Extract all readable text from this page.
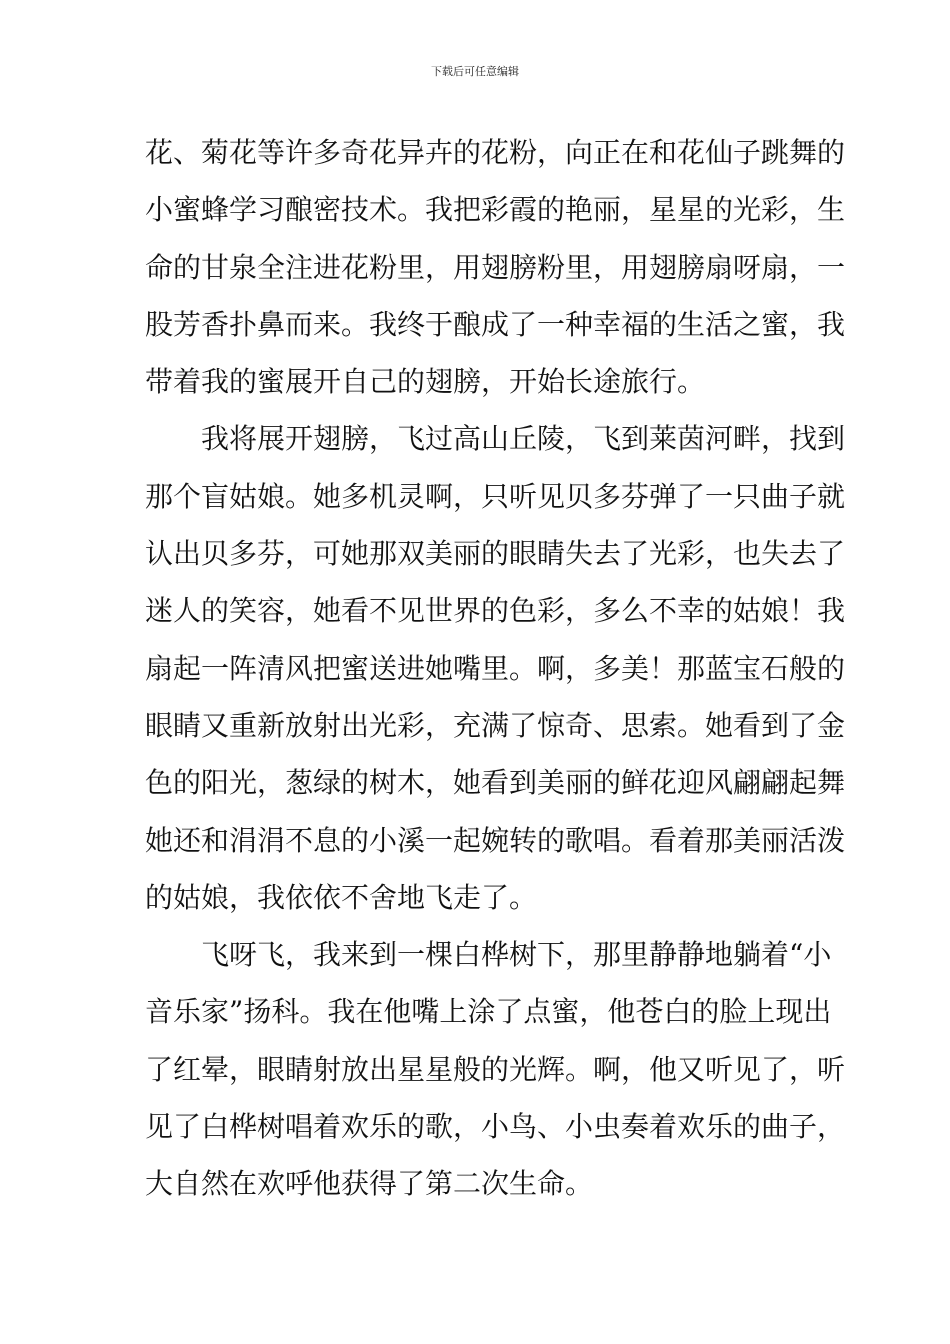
下载后可任意编辑
花、菊花等许多奇花异卉的花粉，向正在和花仙子跳舞的
小蜜蜂学习酿密技术。我把彩霞的艳丽，星星的光彩，生
命的甘泉全注进花粉里，用翅膀粉里，用翅膀扇呀扇，一
股芳香扑鼻而来。我终于酿成了一种幸福的生活之蜜，我
带着我的蜜展开自己的翅膀，开始长途旅行。
　　我将展开翅膀，飞过高山丘陵，飞到莱茵河畔，找到
那个盲姑娘。她多机灵啊，只听见贝多芬弹了一只曲子就
认出贝多芬，可她那双美丽的眼睛失去了光彩，也失去了
迷人的笑容，她看不见世界的色彩，多么不幸的姑娘！我
扇起一阵清风把蜜送进她嘴里。啊，多美！那蓝宝石般的
眼睛又重新放射出光彩，充满了惊奇、思索。她看到了金
色的阳光，葱绿的树木，她看到美丽的鲜花迎风翩翩起舞
她还和涓涓不息的小溪一起婉转的歌唱。看着那美丽活泼
的姑娘，我依依不舍地飞走了。
　　飞呀飞，我来到一棵白桦树下，那里静静地躺着“小
音乐家”扬科。我在他嘴上涂了点蜜，他苍白的脸上现出
了红晕，眼睛射放出星星般的光辉。啊，他又听见了，听
见了白桦树唱着欢乐的歌，小鸟、小虫奏着欢乐的曲子，
大自然在欢呼他获得了第二次生命。
